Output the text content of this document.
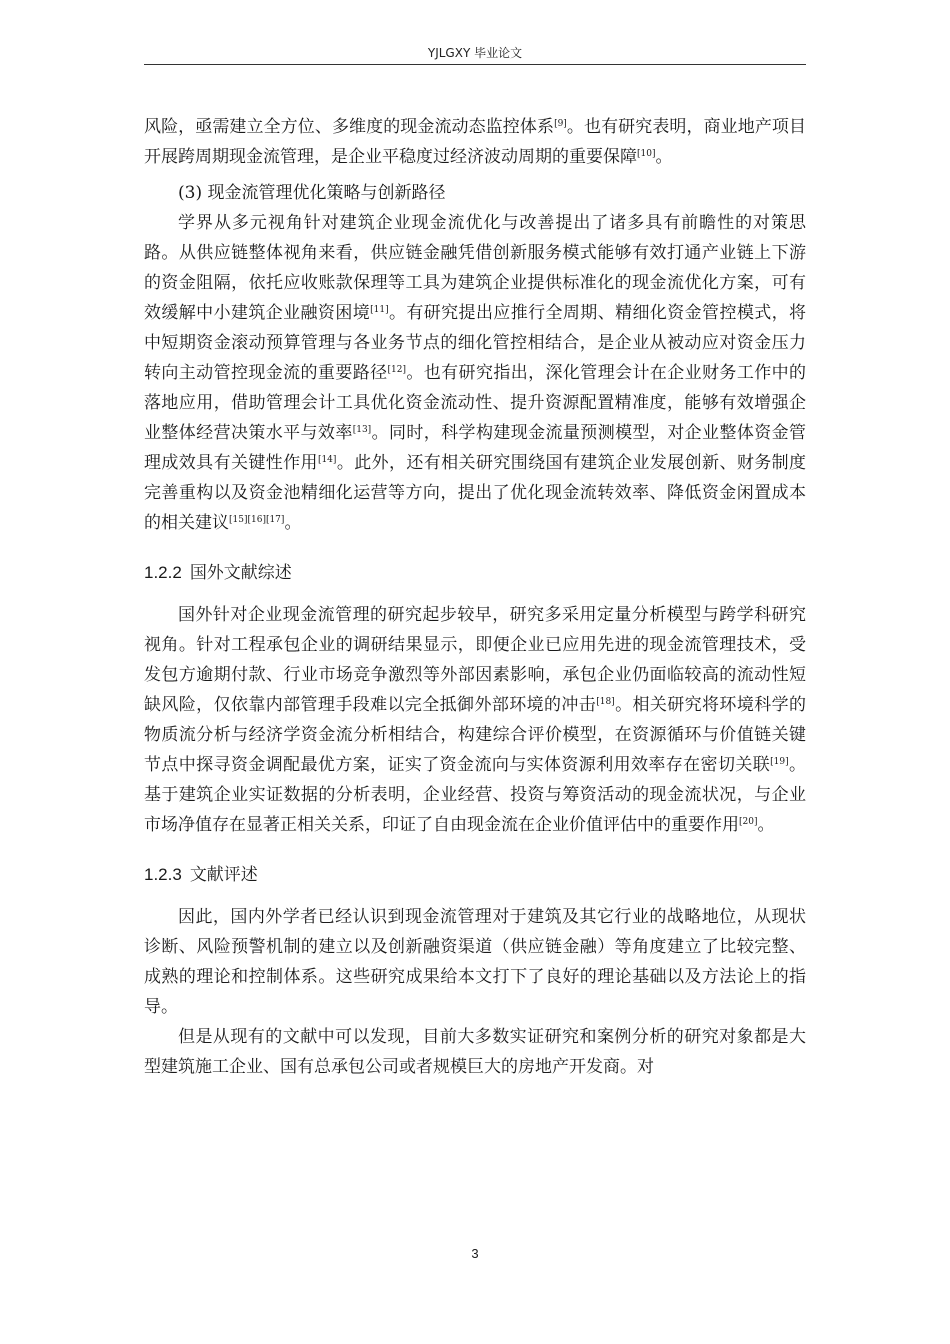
YJLGXY 毕业论文

风险，亟需建立全方位、多维度的现金流动态监控体系[9]。也有研究表明，商业地产项目开展跨周期现金流管理，是企业平稳度过经济波动周期的重要保障[10]。

(3) 现金流管理优化策略与创新路径

学界从多元视角针对建筑企业现金流优化与改善提出了诸多具有前瞻性的对策思路。从供应链整体视角来看，供应链金融凭借创新服务模式能够有效打通产业链上下游的资金阻隔，依托应收账款保理等工具为建筑企业提供标准化的现金流优化方案，可有效缓解中小建筑企业融资困境[11]。有研究提出应推行全周期、精细化资金管控模式，将中短期资金滚动预算管理与各业务节点的细化管控相结合，是企业从被动应对资金压力转向主动管控现金流的重要路径[12]。也有研究指出，深化管理会计在企业财务工作中的落地应用，借助管理会计工具优化资金流动性、提升资源配置精准度，能够有效增强企业整体经营决策水平与效率[13]。同时，科学构建现金流量预测模型，对企业整体资金管理成效具有关键性作用[14]。此外，还有相关研究围绕国有建筑企业发展创新、财务制度完善重构以及资金池精细化运营等方向，提出了优化现金流转效率、降低资金闲置成本的相关建议[15][16][17]。

1.2.2 国外文献综述

国外针对企业现金流管理的研究起步较早，研究多采用定量分析模型与跨学科研究视角。针对工程承包企业的调研结果显示，即便企业已应用先进的现金流管理技术，受发包方逾期付款、行业市场竞争激烈等外部因素影响，承包企业仍面临较高的流动性短缺风险，仅依靠内部管理手段难以完全抵御外部环境的冲击[18]。相关研究将环境科学的物质流分析与经济学资金流分析相结合，构建综合评价模型，在资源循环与价值链关键节点中探寻资金调配最优方案，证实了资金流向与实体资源利用效率存在密切关联[19]。基于建筑企业实证数据的分析表明，企业经营、投资与筹资活动的现金流状况，与企业市场净值存在显著正相关关系，印证了自由现金流在企业价值评估中的重要作用[20]。

1.2.3 文献评述

因此，国内外学者已经认识到现金流管理对于建筑及其它行业的战略地位，从现状诊断、风险预警机制的建立以及创新融资渠道（供应链金融）等角度建立了比较完整、成熟的理论和控制体系。这些研究成果给本文打下了良好的理论基础以及方法论上的指导。

但是从现有的文献中可以发现，目前大多数实证研究和案例分析的研究对象都是大型建筑施工企业、国有总承包公司或者规模巨大的房地产开发商。对

3
